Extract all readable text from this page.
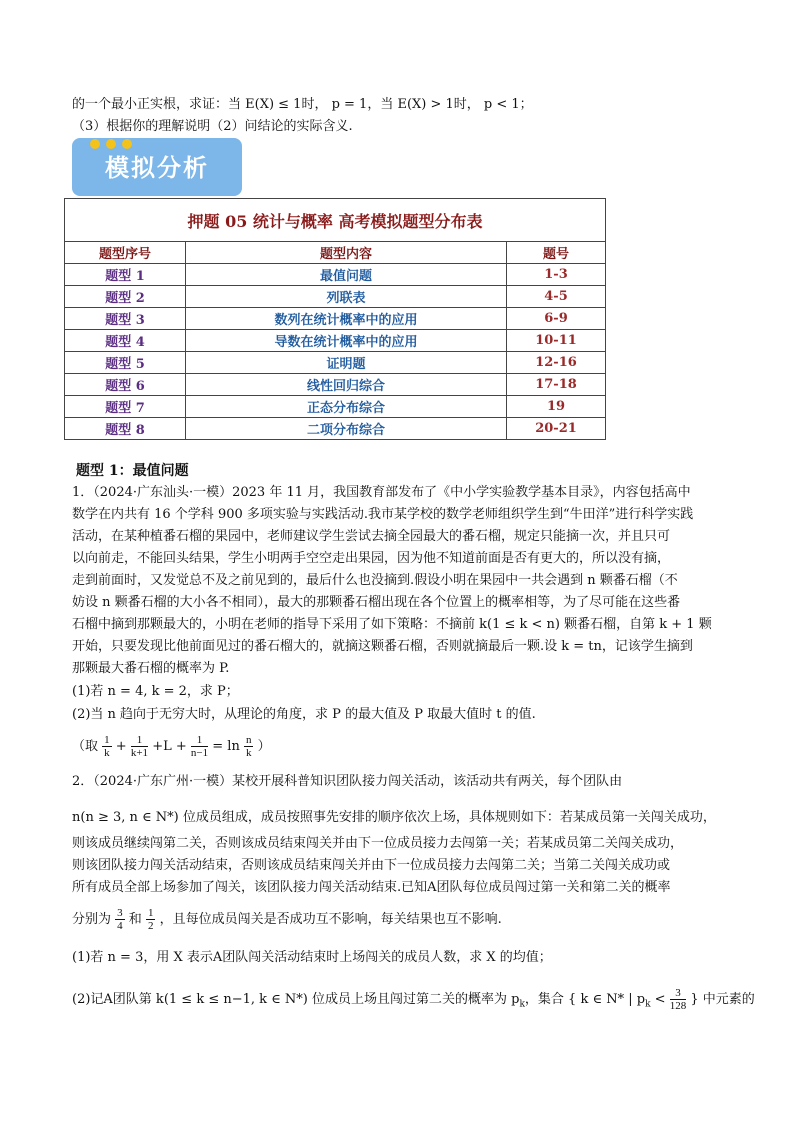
的一个最小正实根，求证：当 E(X) ≤ 1时， p = 1，当 E(X) > 1时， p < 1；
（3）根据你的理解说明（2）问结论的实际含义.
模拟分析
押题 05 统计与概率 高考模拟题型分布表		
题型序号	题型内容	题号
题型 1	最值问题	1-3
题型 2	列联表	4-5
题型 3	数列在统计概率中的应用	6-9
题型 4	导数在统计概率中的应用	10-11
题型 5	证明题	12-16
题型 6	线性回归综合	17-18
题型 7	正态分布综合	19
题型 8	二项分布综合	20-21
题型 1：最值问题
1．（2024·广东汕头·一模）2023 年 11 月，我国教育部发布了《中小学实验教学基本目录》，内容包括高中
数学在内共有 16 个学科 900 多项实验与实践活动.我市某学校的数学老师组织学生到“牛田洋”进行科学实践
活动，在某种植番石榴的果园中，老师建议学生尝试去摘全园最大的番石榴，规定只能摘一次，并且只可
以向前走，不能回头结果，学生小明两手空空走出果园，因为他不知道前面是否有更大的，所以没有摘，
走到前面时，又发觉总不及之前见到的，最后什么也没摘到.假设小明在果园中一共会遇到 n 颗番石榴（不
妨设 n 颗番石榴的大小各不相同），最大的那颗番石榴出现在各个位置上的概率相等，为了尽可能在这些番
石榴中摘到那颗最大的，小明在老师的指导下采用了如下策略：不摘前 k(1 ≤ k < n) 颗番石榴，自第 k + 1 颗
开始，只要发现比他前面见过的番石榴大的，就摘这颗番石榴，否则就摘最后一颗.设 k = tn，记该学生摘到
那颗最大番石榴的概率为 P.
(1)若 n = 4, k = 2，求 P；
(2)当 n 趋向于无穷大时，从理论的角度，求 P 的最大值及 P 取最大值时 t 的值.
（取 $\frac{1}{k} + \frac{1}{k+1} +L + \frac{1}{n-1} = \ln \frac{n}{k}$ ）
2．（2024·广东广州·一模）某校开展科普知识团队接力闯关活动，该活动共有两关，每个团队由
n(n ≥ 3, n ∈ N*) 位成员组成，成员按照事先安排的顺序依次上场，具体规则如下：若某成员第一关闯关成功，
则该成员继续闯第二关，否则该成员结束闯关并由下一位成员接力去闯第一关；若某成员第二关闯关成功，
则该团队接力闯关活动结束，否则该成员结束闯关并由下一位成员接力去闯第二关；当第二关闯关成功或
所有成员全部上场参加了闯关，该团队接力闯关活动结束.已知A团队每位成员闯过第一关和第二关的概率
分别为 $\frac{3}{4}$ 和 $\frac{1}{2}$ ，且每位成员闯关是否成功互不影响，每关结果也互不影响.
(1)若 n = 3，用 X 表示A团队闯关活动结束时上场闯关的成员人数，求 X 的均值；
(2)记A团队第 k(1 ≤ k ≤ n−1, k ∈ N*) 位成员上场且闯过第二关的概率为 $p_k$，集合 { k ∈ N* | $p_k < \frac{3}{128}$ } 中元素的
